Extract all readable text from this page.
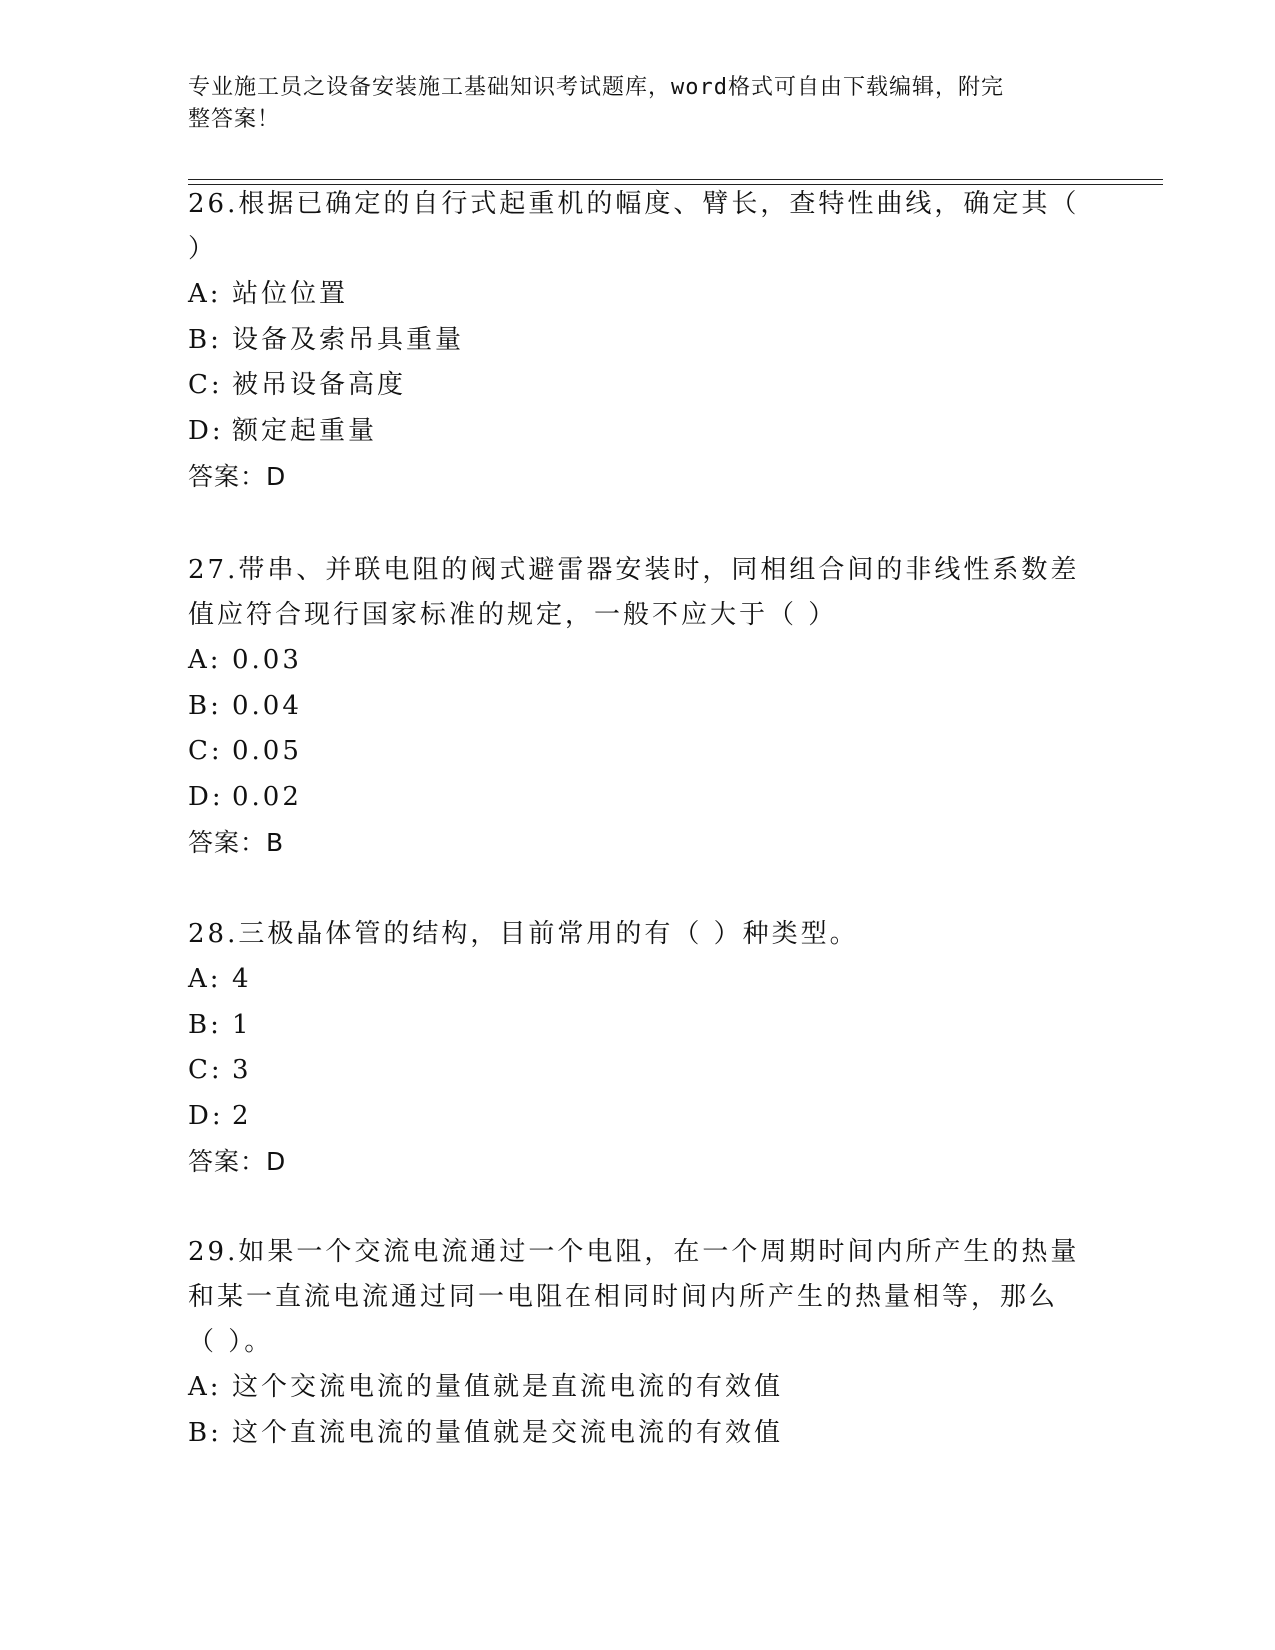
专业施工员之设备安装施工基础知识考试题库，word格式可自由下载编辑，附完
整答案！
26.根据已确定的自行式起重机的幅度、臂长，查特性曲线，确定其（
）
A: 站位位置
B: 设备及索吊具重量
C: 被吊设备高度
D: 额定起重量
答案：D
27.带串、并联电阻的阀式避雷器安装时，同相组合间的非线性系数差
值应符合现行国家标准的规定，一般不应大于（ ）
A: 0.03
B: 0.04
C: 0.05
D: 0.02
答案：B
28.三极晶体管的结构，目前常用的有（ ）种类型。
A: 4
B: 1
C: 3
D: 2
答案：D
29.如果一个交流电流通过一个电阻，在一个周期时间内所产生的热量
和某一直流电流通过同一电阻在相同时间内所产生的热量相等，那么
（ ）。
A: 这个交流电流的量值就是直流电流的有效值
B: 这个直流电流的量值就是交流电流的有效值
